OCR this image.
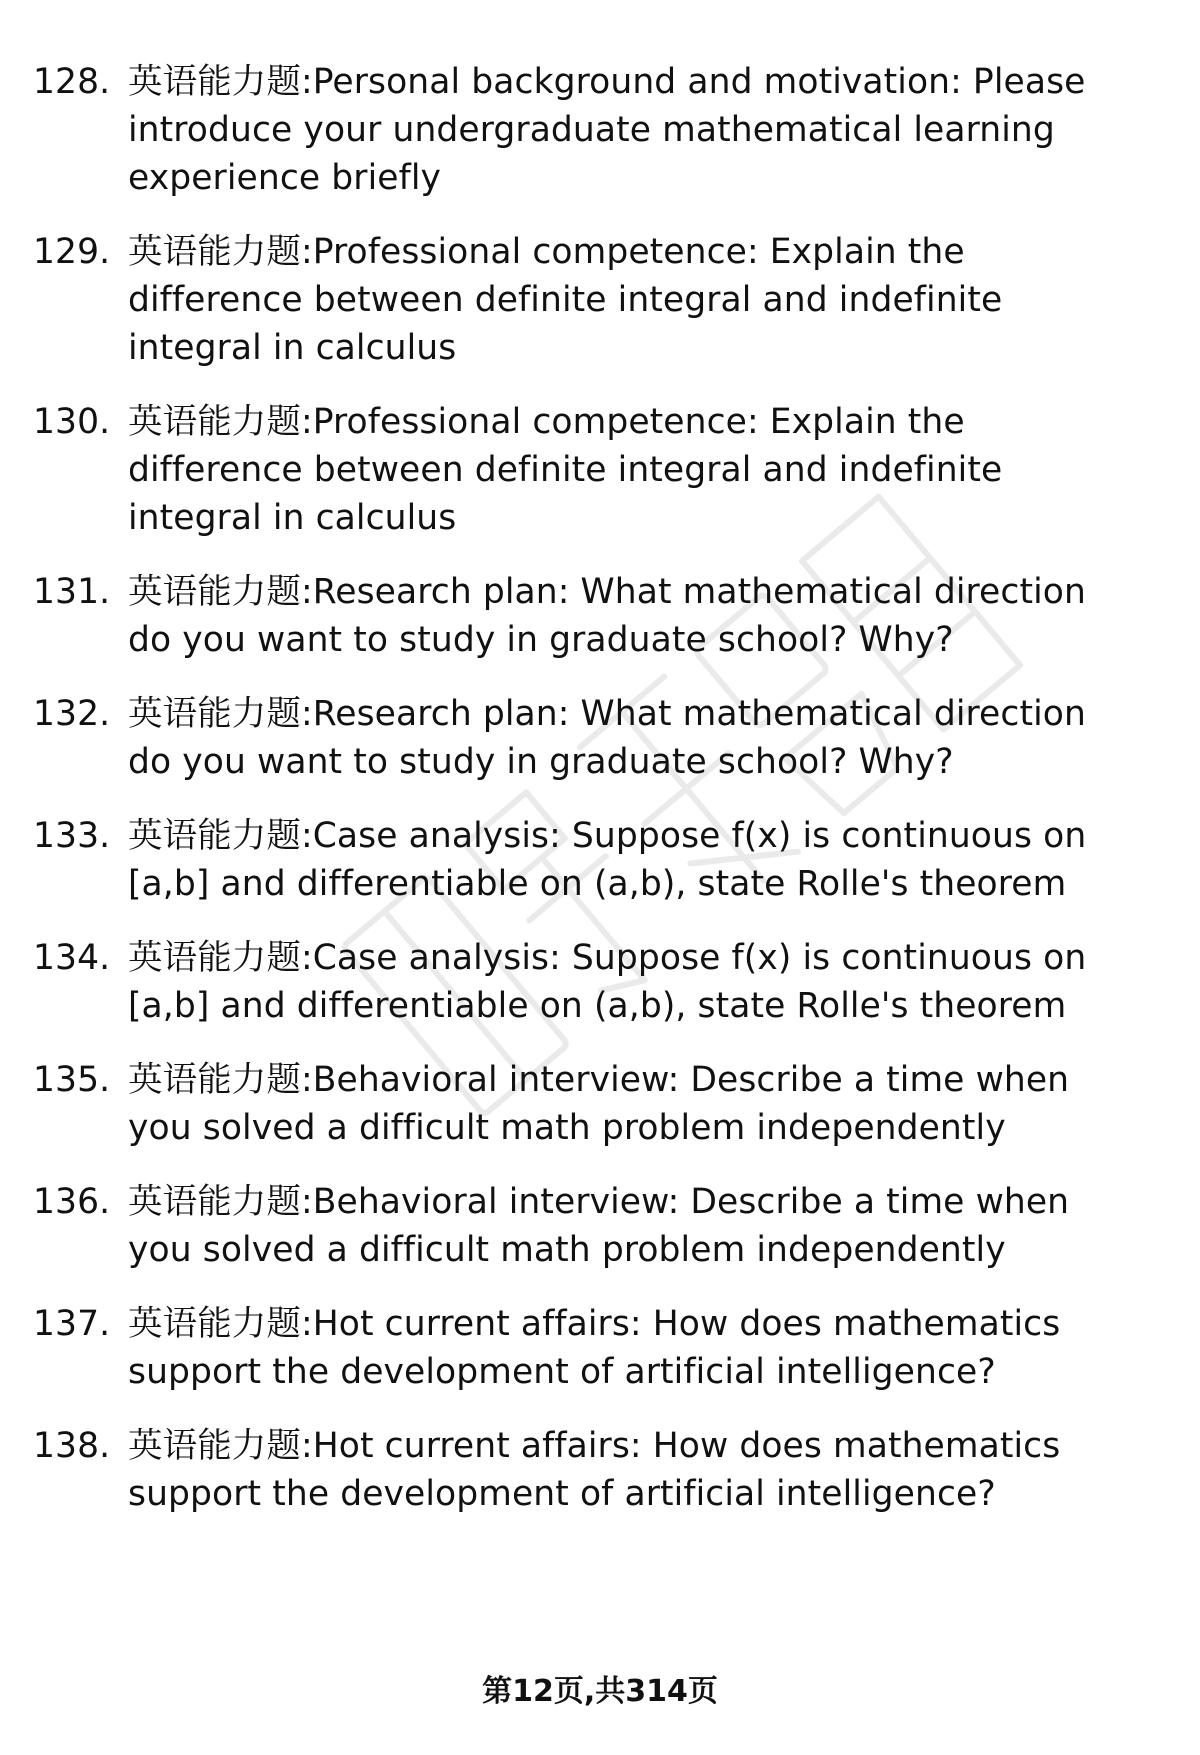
128. 英语能力题:Personal background and motivation: Please introduce your undergraduate mathematical learning experience briefly
129. 英语能力题:Professional competence: Explain the difference between definite integral and indefinite integral in calculus
130. 英语能力题:Professional competence: Explain the difference between definite integral and indefinite integral in calculus
131. 英语能力题:Research plan: What mathematical direction do you want to study in graduate school? Why?
132. 英语能力题:Research plan: What mathematical direction do you want to study in graduate school? Why?
133. 英语能力题:Case analysis: Suppose f(x) is continuous on [a,b] and differentiable on (a,b), state Rolle's theorem
134. 英语能力题:Case analysis: Suppose f(x) is continuous on [a,b] and differentiable on (a,b), state Rolle's theorem
135. 英语能力题:Behavioral interview: Describe a time when you solved a difficult math problem independently
136. 英语能力题:Behavioral interview: Describe a time when you solved a difficult math problem independently
137. 英语能力题:Hot current affairs: How does mathematics support the development of artificial intelligence?
138. 英语能力题:Hot current affairs: How does mathematics support the development of artificial intelligence?
第12页,共314页
